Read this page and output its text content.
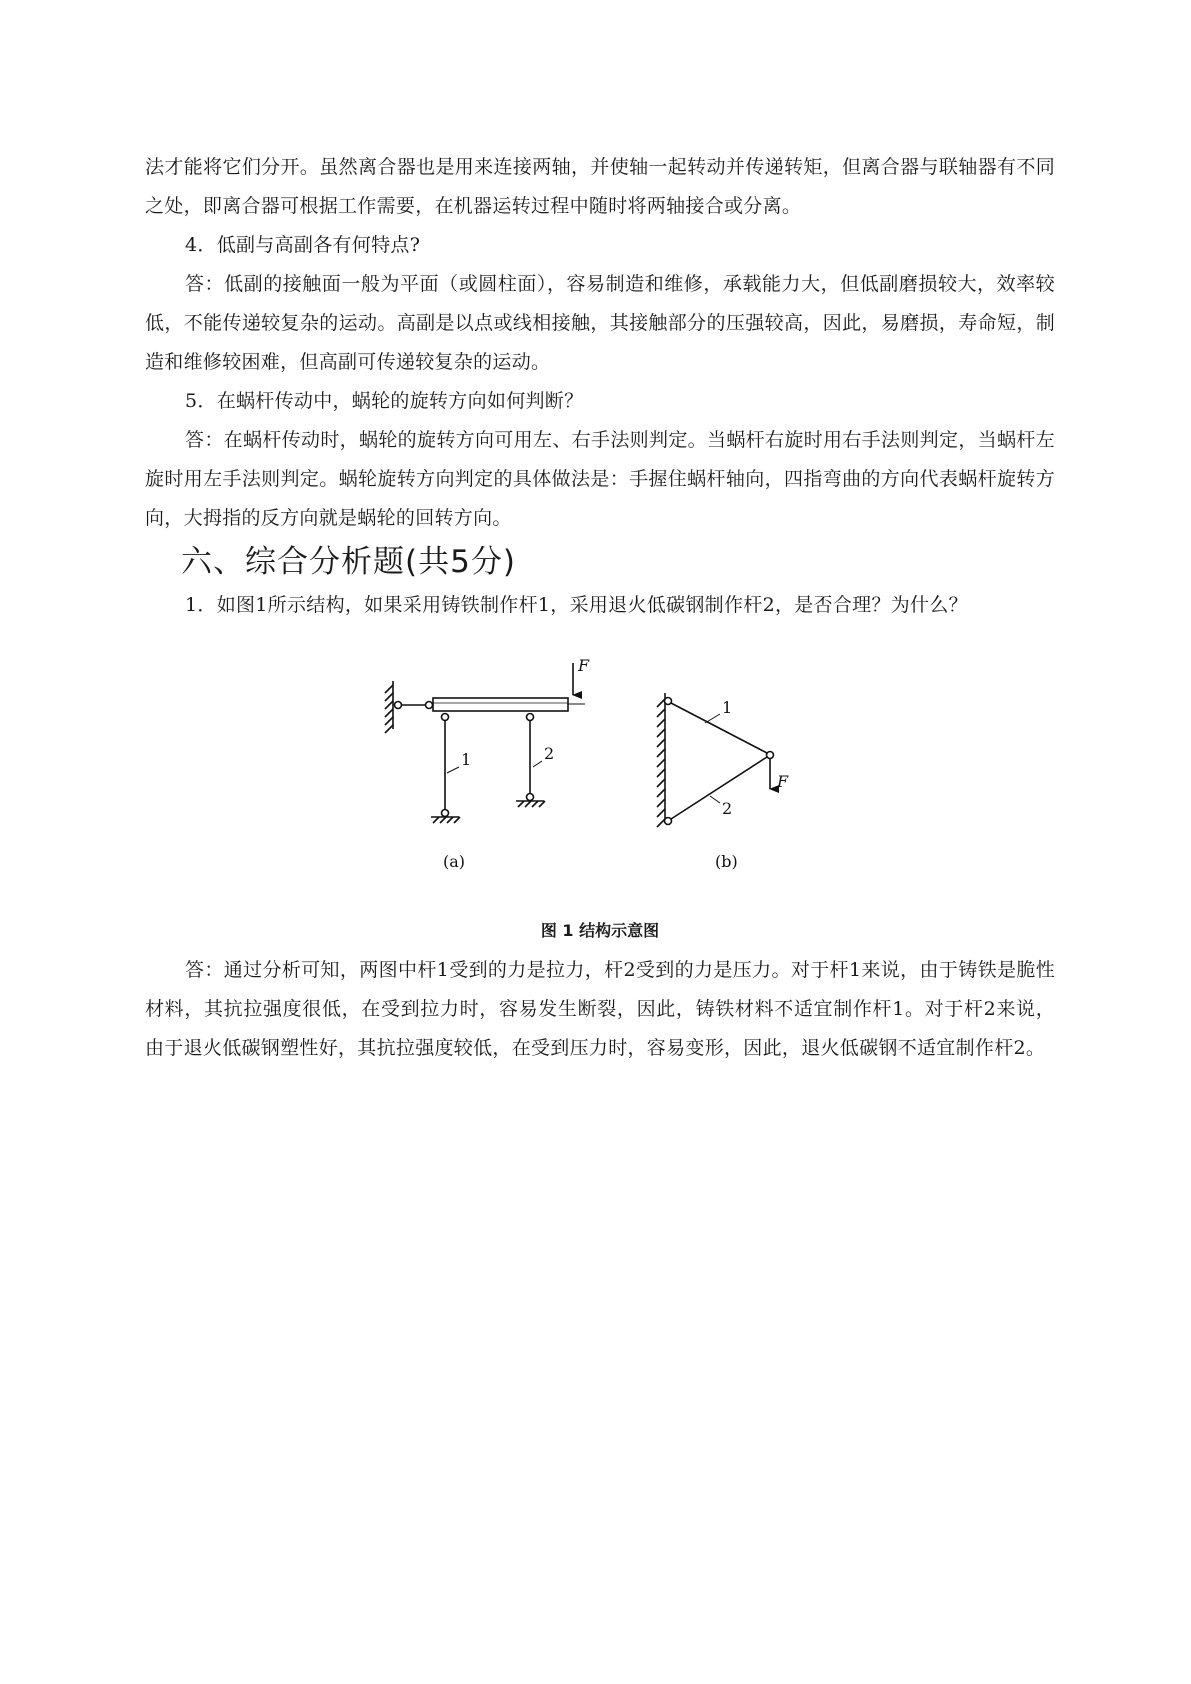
法才能将它们分开。虽然离合器也是用来连接两轴，并使轴一起转动并传递转矩，但离合器与联轴器有不同之处，即离合器可根据工作需要，在机器运转过程中随时将两轴接合或分离。

4．低副与高副各有何特点?

答：低副的接触面一般为平面（或圆柱面），容易制造和维修，承载能力大，但低副磨损较大，效率较低，不能传递较复杂的运动。高副是以点或线相接触，其接触部分的压强较高，因此，易磨损，寿命短，制造和维修较困难，但高副可传递较复杂的运动。

5．在蜗杆传动中，蜗轮的旋转方向如何判断？

答：在蜗杆传动时，蜗轮的旋转方向可用左、右手法则判定。当蜗杆右旋时用右手法则判定，当蜗杆左旋时用左手法则判定。蜗轮旋转方向判定的具体做法是：手握住蜗杆轴向，四指弯曲的方向代表蜗杆旋转方向，大拇指的反方向就是蜗轮的回转方向。

六、综合分析题(共5分)

1．如图1所示结构，如果采用铸铁制作杆1，采用退火低碳钢制作杆2，是否合理？为什么？

F
1	2
(a)
1
2
F
(b)
图 1 结构示意图

答：通过分析可知，两图中杆1受到的力是拉力，杆2受到的力是压力。对于杆1来说，由于铸铁是脆性材料，其抗拉强度很低，在受到拉力时，容易发生断裂，因此，铸铁材料不适宜制作杆1。对于杆2来说，由于退火低碳钢塑性好，其抗拉强度较低，在受到压力时，容易变形，因此，退火低碳钢不适宜制作杆2。
